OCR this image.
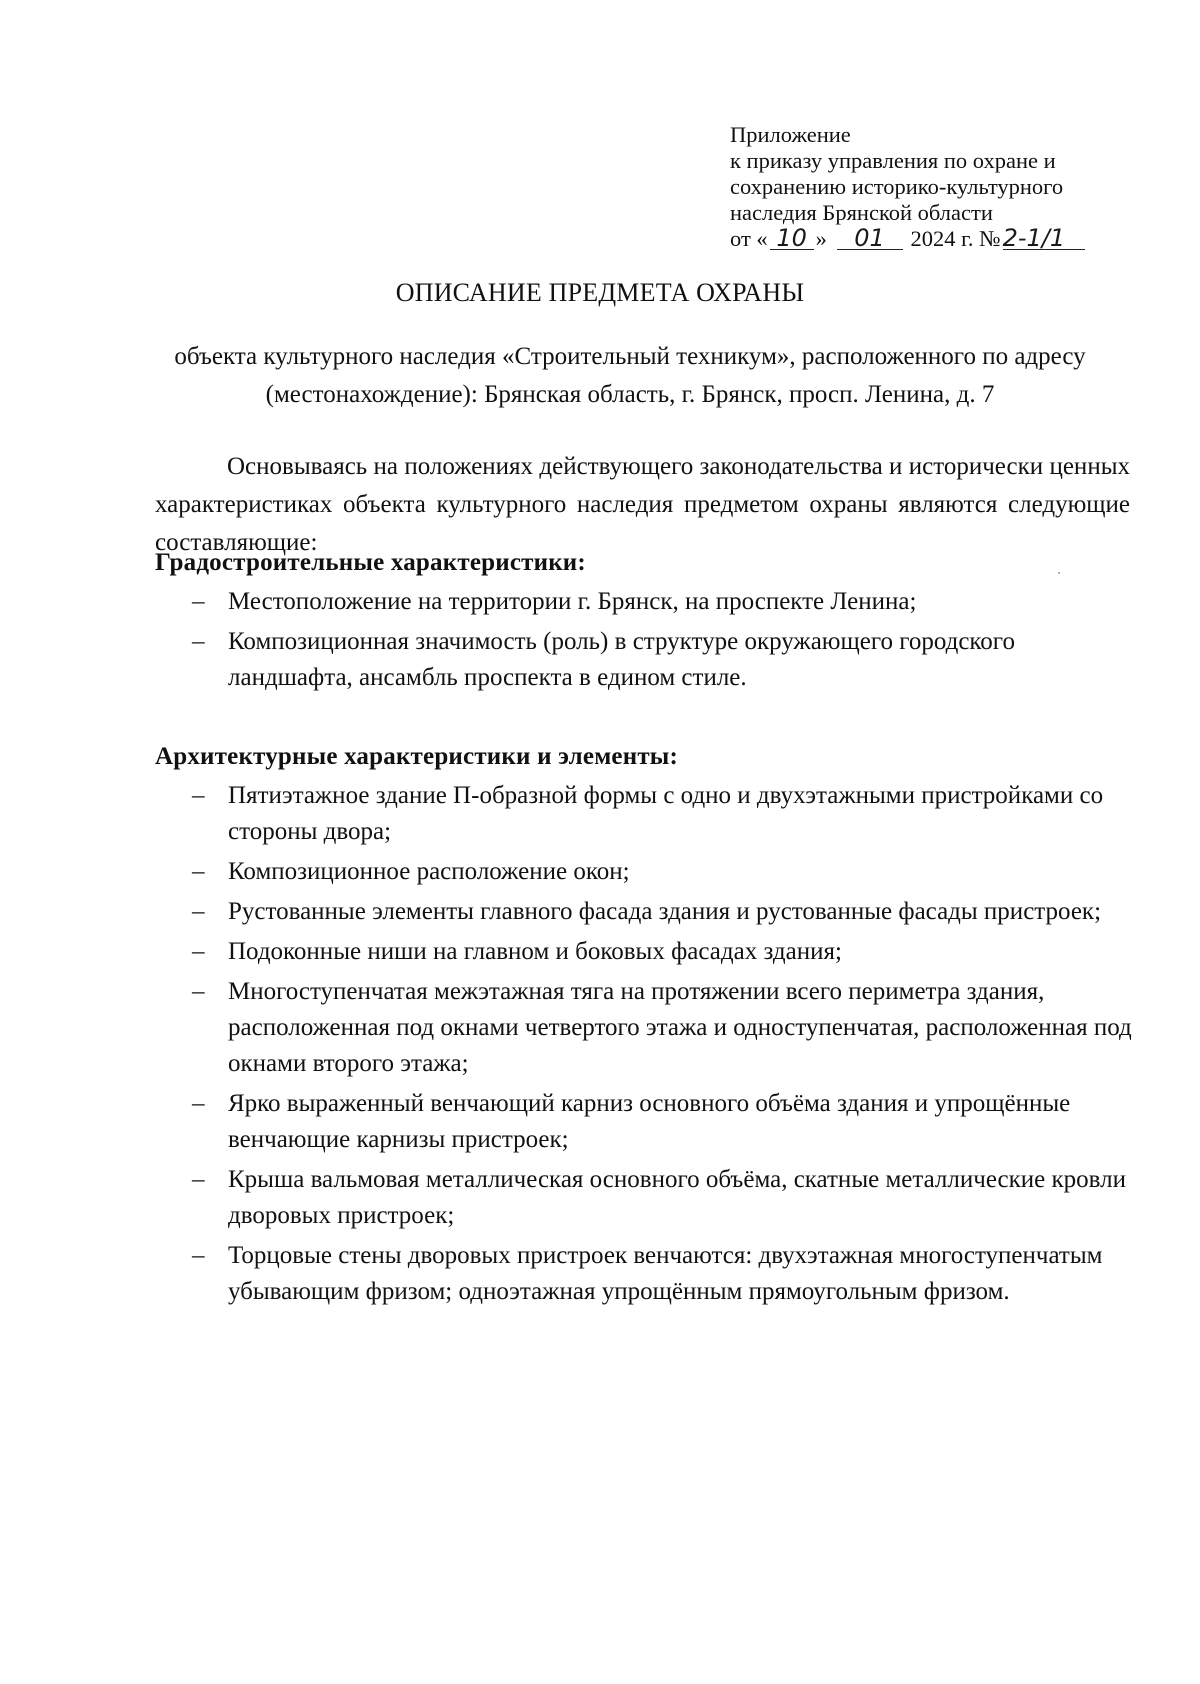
Приложение
к приказу управления по охране и
сохранению историко-культурного
наследия Брянской области
от « 10 » 01 2024 г. №2-1/1
ОПИСАНИЕ ПРЕДМЕТА ОХРАНЫ
объекта культурного наследия «Строительный техникум», расположенного по адресу (местонахождение): Брянская область, г. Брянск, просп. Ленина, д. 7
Основываясь на положениях действующего законодательства и исторически ценных характеристиках объекта культурного наследия предметом охраны являются следующие составляющие:
Градостроительные характеристики:
– Местоположение на территории г. Брянск, на проспекте Ленина;
– Композиционная значимость (роль) в структуре окружающего городского ландшафта, ансамбль проспекта в едином стиле.
Архитектурные характеристики и элементы:
– Пятиэтажное здание П-образной формы с одно и двухэтажными пристройками со стороны двора;
– Композиционное расположение окон;
– Рустованные элементы главного фасада здания и рустованные фасады пристроек;
– Подоконные ниши на главном и боковых фасадах здания;
– Многоступенчатая межэтажная тяга на протяжении всего периметра здания, расположенная под окнами четвертого этажа и одноступенчатая, расположенная под окнами второго этажа;
– Ярко выраженный венчающий карниз основного объёма здания и упрощённые венчающие карнизы пристроек;
– Крыша вальмовая металлическая основного объёма, скатные металлические кровли дворовых пристроек;
– Торцовые стены дворовых пристроек венчаются: двухэтажная многоступенчатым убывающим фризом; одноэтажная упрощённым прямоугольным фризом.
